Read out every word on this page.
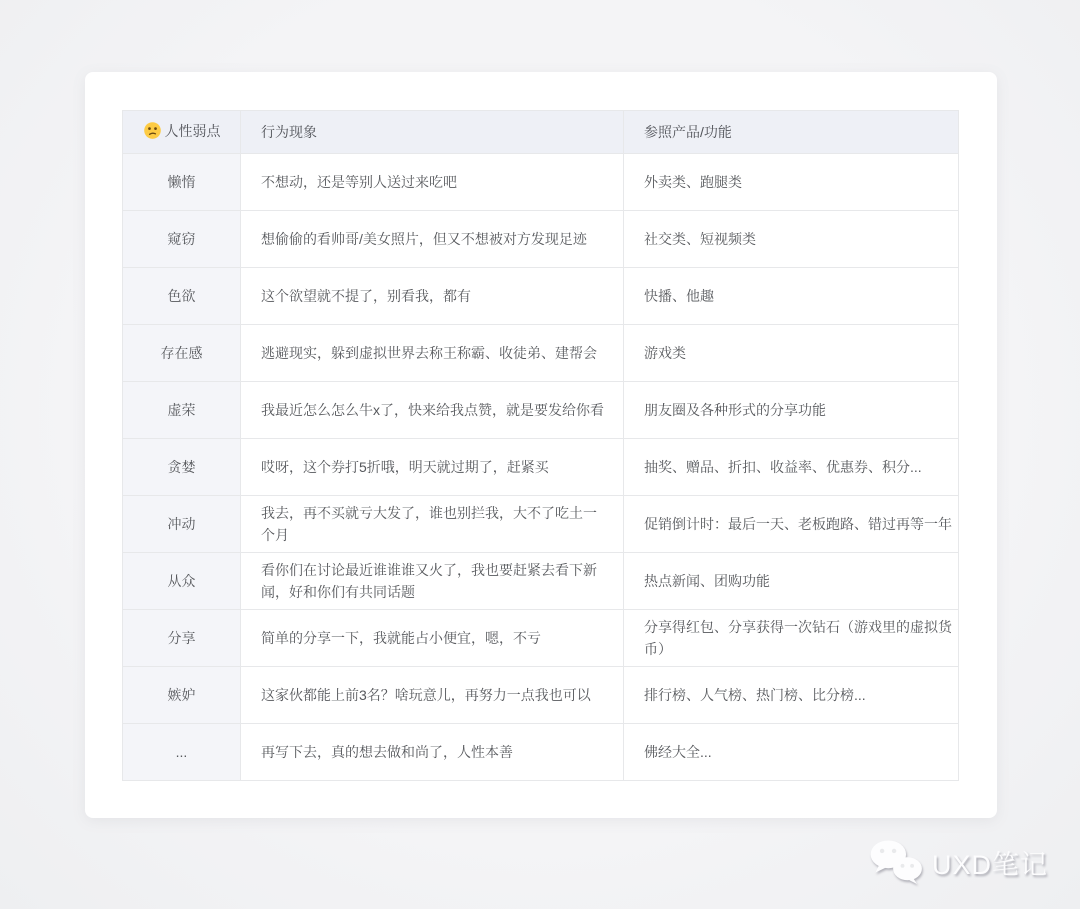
人性弱点	行为现象	参照产品/功能
懒惰	不想动，还是等别人送过来吃吧	外卖类、跑腿类
窥窃	想偷偷的看帅哥/美女照片，但又不想被对方发现足迹	社交类、短视频类
色欲	这个欲望就不提了，别看我，都有	快播、他趣
存在感	逃避现实，躲到虚拟世界去称王称霸、收徒弟、建帮会	游戏类
虚荣	我最近怎么怎么牛x了，快来给我点赞，就是要发给你看	朋友圈及各种形式的分享功能
贪婪	哎呀，这个券打5折哦，明天就过期了，赶紧买	抽奖、赠品、折扣、收益率、优惠券、积分...
冲动	我去，再不买就亏大发了，谁也别拦我，大不了吃土一个月	促销倒计时：最后一天、老板跑路、错过再等一年
从众	看你们在讨论最近谁谁谁又火了，我也要赶紧去看下新闻，好和你们有共同话题	热点新闻、团购功能
分享	简单的分享一下，我就能占小便宜，嗯，不亏	分享得红包、分享获得一次钻石（游戏里的虚拟货币）
嫉妒	这家伙都能上前3名？啥玩意儿，再努力一点我也可以	排行榜、人气榜、热门榜、比分榜...
...	再写下去，真的想去做和尚了，人性本善	佛经大全...
UXD笔记
